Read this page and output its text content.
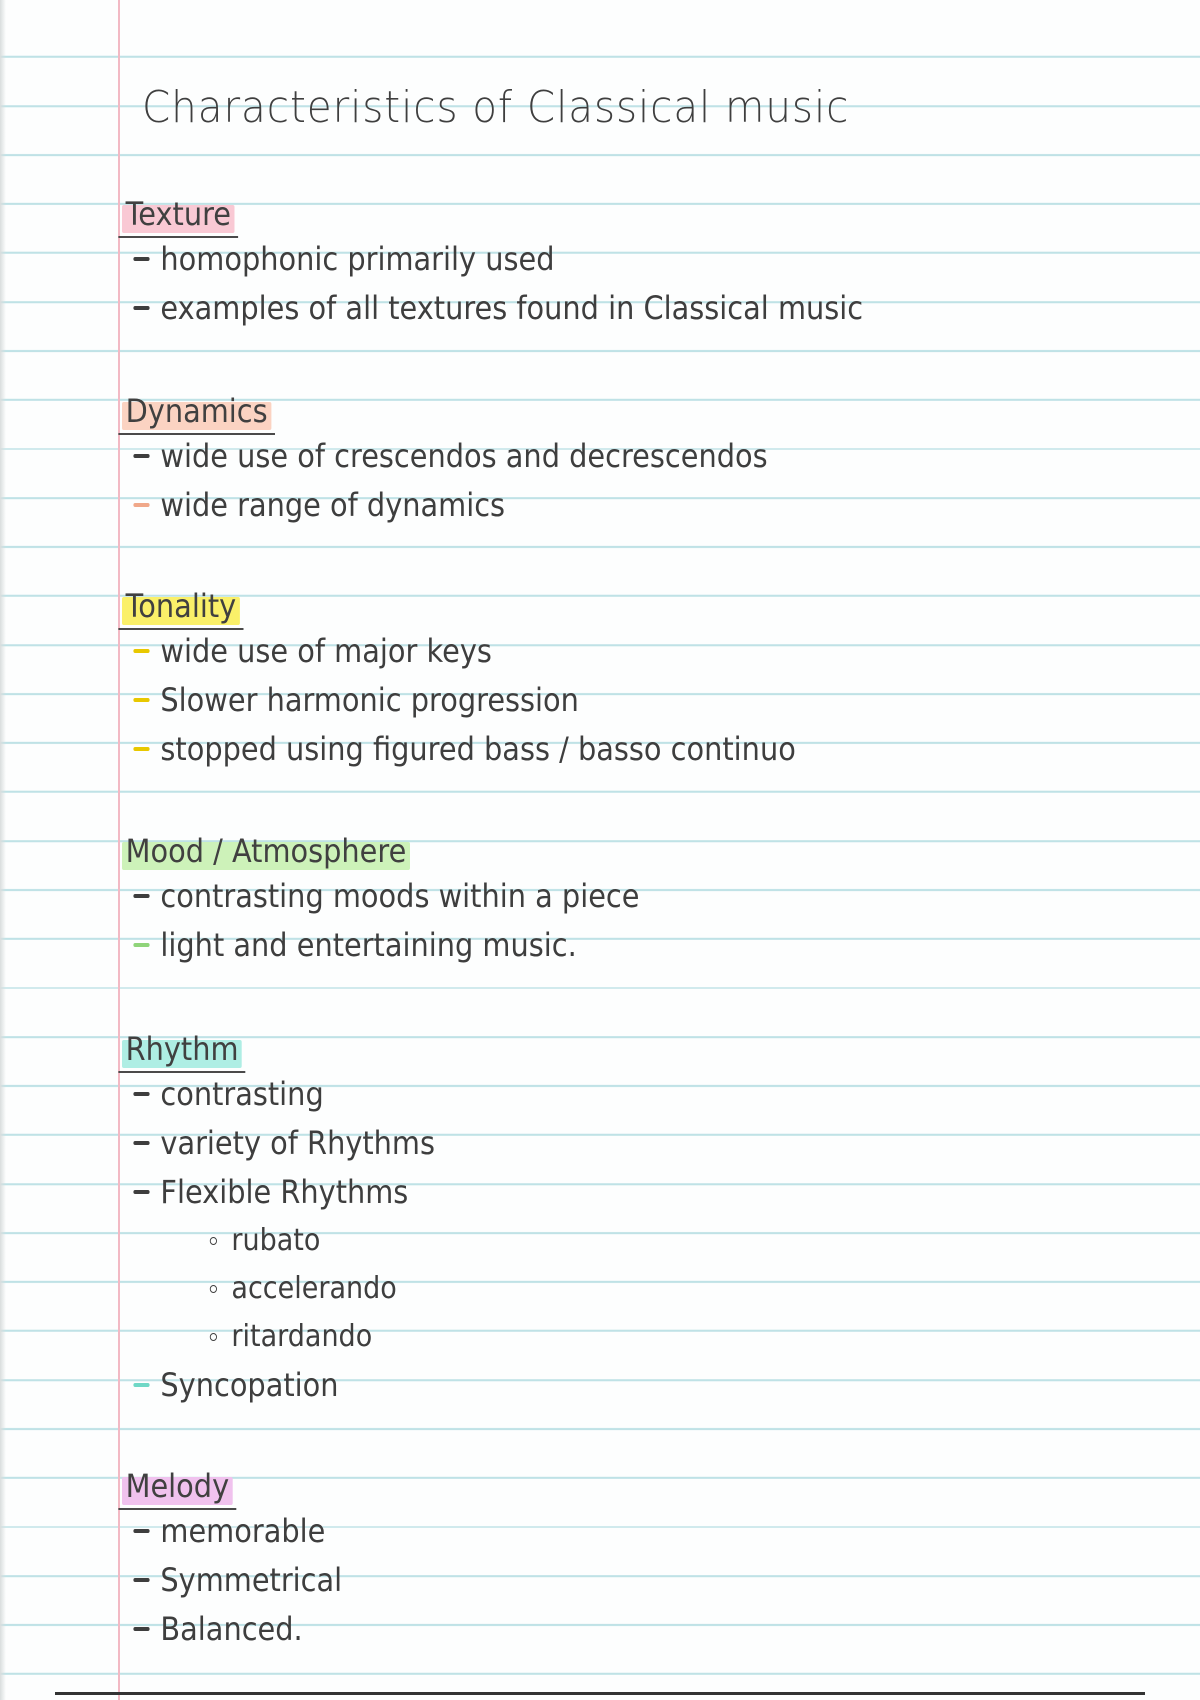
Characteristics of Classical music
Texture
homophonic primarily used
examples of all textures found in Classical music
Dynamics
wide use of crescendos and decrescendos
wide range of dynamics
Tonality
wide use of major keys
Slower harmonic progression
stopped using figured bass / basso continuo
Mood / Atmosphere
contrasting moods within a piece
light and entertaining music.
Rhythm
contrasting
variety of Rhythms
Flexible Rhythms
rubato
accelerando
ritardando
Syncopation
Melody
memorable
Symmetrical
Balanced.
